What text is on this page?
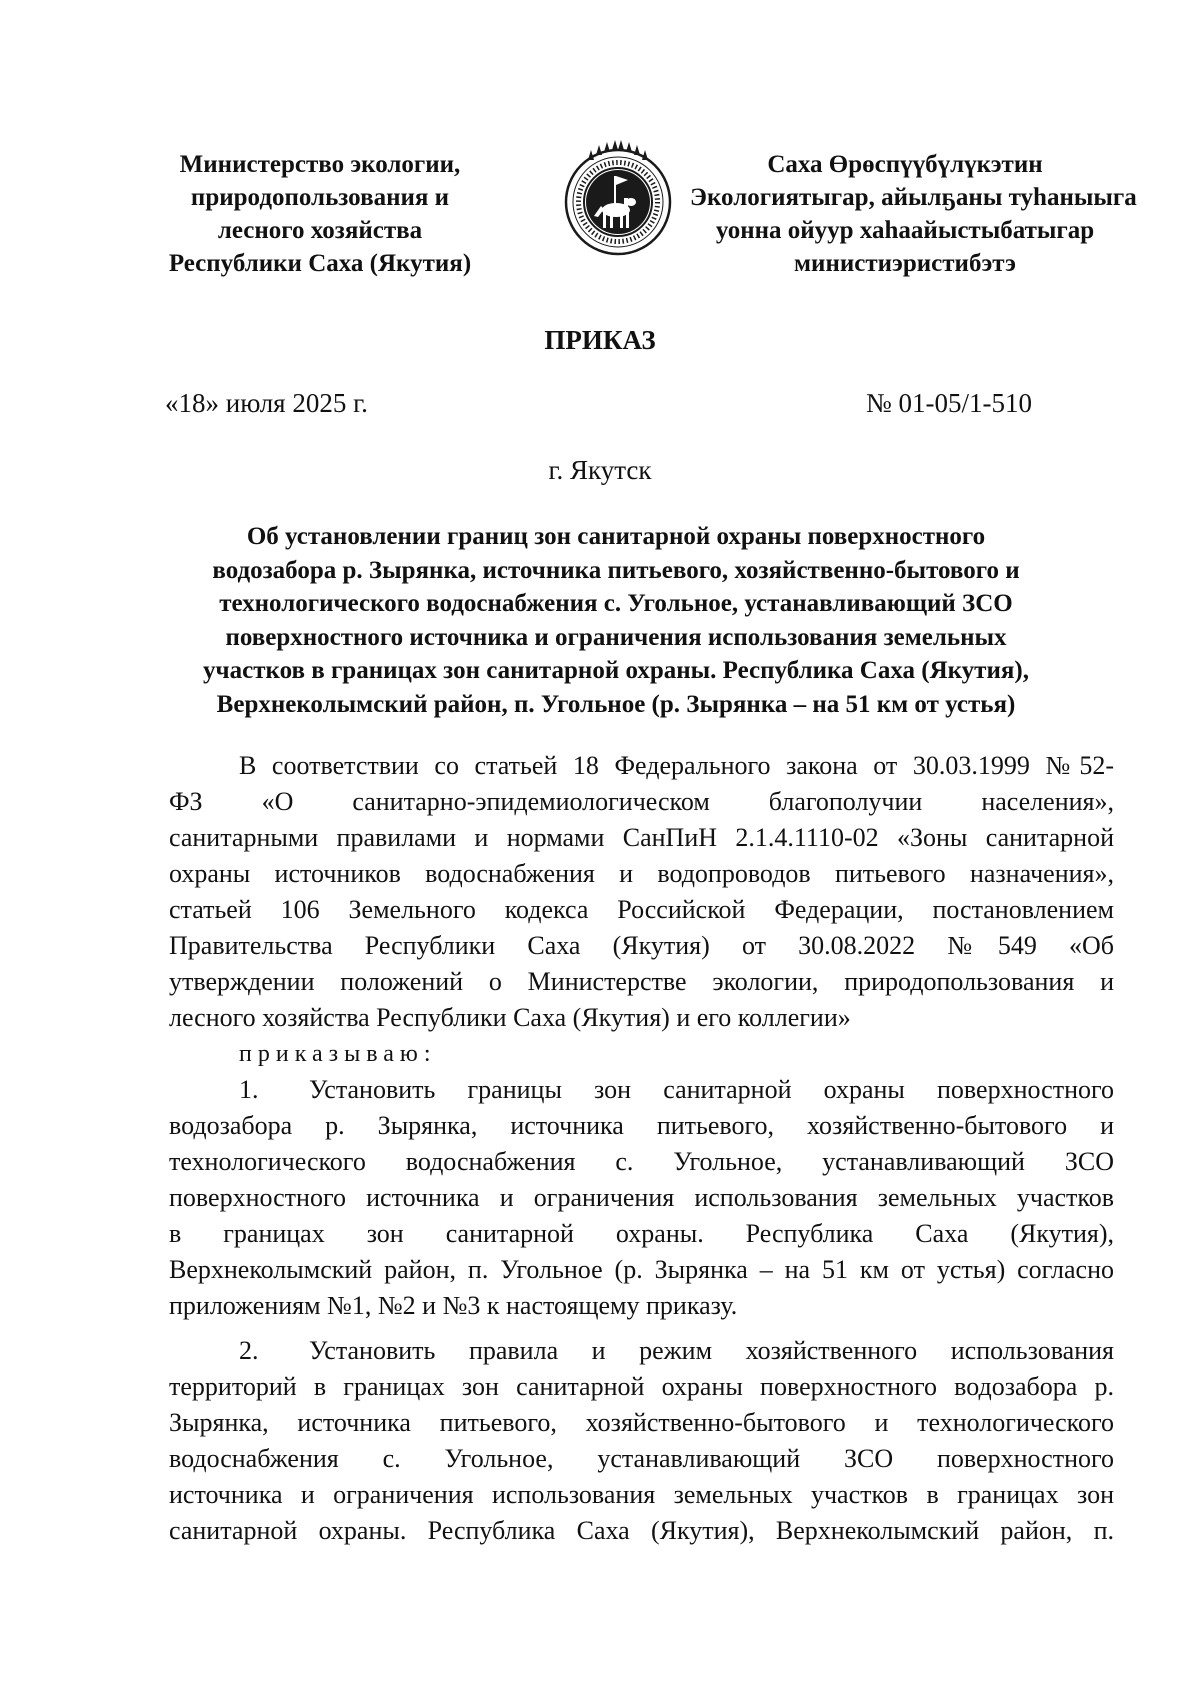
Министерство экологии,
природопользования и
лесного хозяйства
Республики Саха (Якутия)
Саха Өрөспүүбүлүкэтин
Экологиятыгар, айылҕаны туһаныыга
уонна ойуур хаһаайыстыбатыгар
министиэристибэтэ
ПРИКАЗ
«18» июля 2025 г.	№ 01-05/1-510
г. Якутск
Об установлении границ зон санитарной охраны поверхностного
водозабора р. Зырянка, источника питьевого, хозяйственно-бытового и
технологического водоснабжения с. Угольное, устанавливающий ЗСО
поверхностного источника и ограничения использования земельных
участков в границах зон санитарной охраны. Республика Саха (Якутия),
Верхнеколымский район, п. Угольное (р. Зырянка – на 51 км от устья)
В соответствии со статьей 18 Федерального закона от 30.03.1999 №52-
ФЗ «О санитарно-эпидемиологическом благополучии населения»,
санитарными правилами и нормами СанПиН 2.1.4.1110-02 «Зоны санитарной
охраны источников водоснабжения и водопроводов питьевого назначения»,
статьей 106 Земельного кодекса Российской Федерации, постановлением
Правительства Республики Саха (Якутия) от 30.08.2022 №549 «Об
утверждении положений о Министерстве экологии, природопользования и
лесного хозяйства Республики Саха (Якутия) и его коллегии»
приказываю:
1. Установить границы зон санитарной охраны поверхностного
водозабора р. Зырянка, источника питьевого, хозяйственно-бытового и
технологического водоснабжения с. Угольное, устанавливающий ЗСО
поверхностного источника и ограничения использования земельных участков
в границах зон санитарной охраны. Республика Саха (Якутия),
Верхнеколымский район, п. Угольное (р. Зырянка – на 51 км от устья) согласно
приложениям №1, №2 и №3 к настоящему приказу.
2. Установить правила и режим хозяйственного использования
территорий в границах зон санитарной охраны поверхностного водозабора р.
Зырянка, источника питьевого, хозяйственно-бытового и технологического
водоснабжения с. Угольное, устанавливающий ЗСО поверхностного
источника и ограничения использования земельных участков в границах зон
санитарной охраны. Республика Саха (Якутия), Верхнеколымский район, п.
